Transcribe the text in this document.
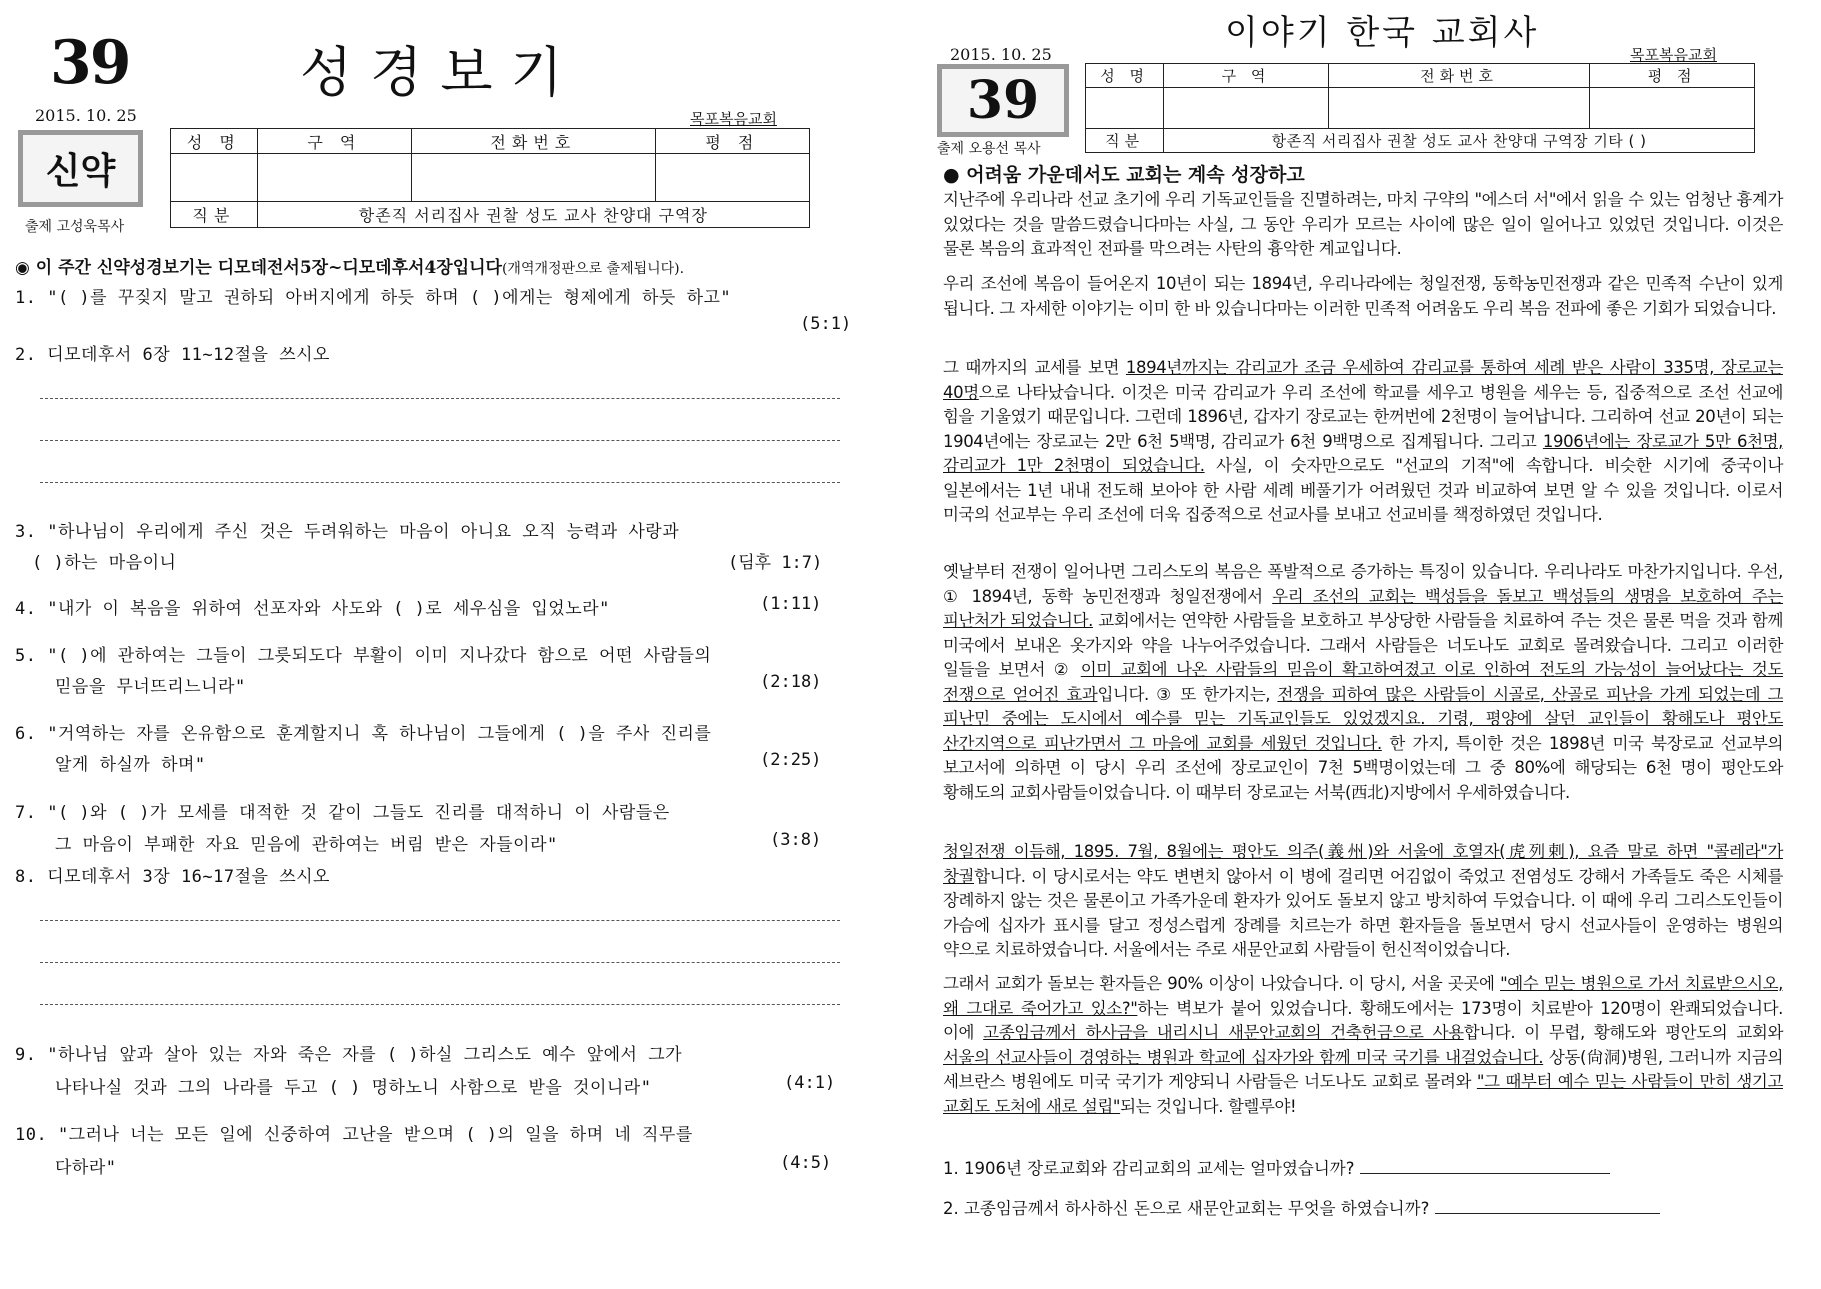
39	성경보기
2015. 10. 25	목포복음교회
신약
출제 고성욱목사
성 명	구 역	전화번호	평 점

직분	항존직 서리집사 권찰 성도 교사 찬양대 구역장		
◉ 이 주간 신약성경보기는 디모데전서5장~디모데후서4장입니다(개역개정판으로 출제됩니다).
1. "( )를 꾸짖지 말고 권하되 아버지에게 하듯 하며 ( )에게는 형제에게 하듯 하고"
(5:1)
2. 디모데후서 6장 11~12절을 쓰시오
3. "하나님이 우리에게 주신 것은 두려워하는 마음이 아니요 오직 능력과 사랑과
( )하는 마음이니	(딤후 1:7)
4. "내가 이 복음을 위하여 선포자와 사도와 ( )로 세우심을 입었노라"	(1:11)
5. "( )에 관하여는 그들이 그릇되도다 부활이 이미 지나갔다 함으로 어떤 사람들의
믿음을 무너뜨리느니라"	(2:18)
6. "거역하는 자를 온유함으로 훈계할지니 혹 하나님이 그들에게 ( )을 주사 진리를
알게 하실까 하며"	(2:25)
7. "( )와 ( )가 모세를 대적한 것 같이 그들도 진리를 대적하니 이 사람들은
그 마음이 부패한 자요 믿음에 관하여는 버림 받은 자들이라"	(3:8)
8. 디모데후서 3장 16~17절을 쓰시오
9. "하나님 앞과 살아 있는 자와 죽은 자를 ( )하실 그리스도 예수 앞에서 그가
나타나실 것과 그의 나라를 두고 ( ) 명하노니 사함으로 받을 것이니라"	(4:1)
10. "그러나 너는 모든 일에 신중하여 고난을 받으며 ( )의 일을 하며 네 직무를
다하라"	(4:5)
이야기 한국 교회사
2015. 10. 25	목포복음교회
39
출제 오용선 목사
성 명	구 역	전화번호	평 점

직분	항존직 서리집사 권찰 성도 교사 찬양대 구역장 기타 ( )		
● 어려움 가운데서도 교회는 계속 성장하고
지난주에 우리나라 선교 초기에 우리 기독교인들을 진멸하려는, 마치 구약의 "에스더 서"에서 읽을 수 있는 엄청난 흉계가 있었다는 것을 말씀드렸습니다마는 사실, 그 동안 우리가 모르는 사이에 많은 일이 일어나고 있었던 것입니다. 이것은 물론 복음의 효과적인 전파를 막으려는 사탄의 흉악한 계교입니다.
우리 조선에 복음이 들어온지 10년이 되는 1894년, 우리나라에는 청일전쟁, 동학농민전쟁과 같은 민족적 수난이 있게 됩니다. 그 자세한 이야기는 이미 한 바 있습니다마는 이러한 민족적 어려움도 우리 복음 전파에 좋은 기회가 되었습니다.
그 때까지의 교세를 보면 1894년까지는 감리교가 조금 우세하여 감리교를 통하여 세례 받은 사람이 335명, 장로교는 40명으로 나타났습니다. 이것은 미국 감리교가 우리 조선에 학교를 세우고 병원을 세우는 등, 집중적으로 조선 선교에 힘을 기울였기 때문입니다. 그런데 1896년, 갑자기 장로교는 한꺼번에 2천명이 늘어납니다. 그리하여 선교 20년이 되는 1904년에는 장로교는 2만 6천 5백명, 감리교가 6천 9백명으로 집계됩니다. 그리고 1906년에는 장로교가 5만 6천명, 감리교가 1만 2천명이 되었습니다. 사실, 이 숫자만으로도 "선교의 기적"에 속합니다. 비슷한 시기에 중국이나 일본에서는 1년 내내 전도해 보아야 한 사람 세례 베풀기가 어려웠던 것과 비교하여 보면 알 수 있을 것입니다. 이로서 미국의 선교부는 우리 조선에 더욱 집중적으로 선교사를 보내고 선교비를 책정하였던 것입니다.
옛날부터 전쟁이 일어나면 그리스도의 복음은 폭발적으로 증가하는 특징이 있습니다. 우리나라도 마찬가지입니다. 우선, ① 1894년, 동학 농민전쟁과 청일전쟁에서 우리 조선의 교회는 백성들을 돌보고 백성들의 생명을 보호하여 주는 피난처가 되었습니다. 교회에서는 연약한 사람들을 보호하고 부상당한 사람들을 치료하여 주는 것은 물론 먹을 것과 함께 미국에서 보내온 옷가지와 약을 나누어주었습니다. 그래서 사람들은 너도나도 교회로 몰려왔습니다. 그리고 이러한 일들을 보면서 ② 이미 교회에 나온 사람들의 믿음이 확고하여졌고 이로 인하여 전도의 가능성이 늘어났다는 것도 전쟁으로 얻어진 효과입니다. ③ 또 한가지는, 전쟁을 피하여 많은 사람들이 시골로, 산골로 피난을 가게 되었는데 그 피난민 중에는 도시에서 예수를 믿는 기독교인들도 있었겠지요. 기령, 평양에 살던 교인들이 황해도나 평안도 산간지역으로 피난가면서 그 마을에 교회를 세웠던 것입니다. 한 가지, 특이한 것은 1898년 미국 북장로교 선교부의 보고서에 의하면 이 당시 우리 조선에 장로교인이 7천 5백명이었는데 그 중 80%에 해당되는 6천 명이 평안도와 황해도의 교회사람들이었습니다. 이 때부터 장로교는 서북(西北)지방에서 우세하였습니다.
청일전쟁 이듬해, 1895. 7월, 8월에는 평안도 의주(義州)와 서울에 호열자(虎列剌), 요즘 말로 하면 "콜레라"가 창궐합니다. 이 당시로서는 약도 변변치 않아서 이 병에 걸리면 어김없이 죽었고 전염성도 강해서 가족들도 죽은 시체를 장례하지 않는 것은 물론이고 가족가운데 환자가 있어도 돌보지 않고 방치하여 두었습니다. 이 때에 우리 그리스도인들이 가슴에 십자가 표시를 달고 정성스럽게 장례를 치르는가 하면 환자들을 돌보면서 당시 선교사들이 운영하는 병원의 약으로 치료하였습니다. 서울에서는 주로 새문안교회 사람들이 헌신적이었습니다.
그래서 교회가 돌보는 환자들은 90% 이상이 나았습니다. 이 당시, 서울 곳곳에 "예수 믿는 병원으로 가서 치료받으시오, 왜 그대로 죽어가고 있소?"하는 벽보가 붙어 있었습니다. 황해도에서는 173명이 치료받아 120명이 완쾌되었습니다. 이에 고종임금께서 하사금을 내리시니 새문안교회의 건축헌금으로 사용합니다. 이 무렵, 황해도와 평안도의 교회와 서울의 선교사들이 경영하는 병원과 학교에 십자가와 함께 미국 국기를 내걸었습니다. 상동(尙洞)병원, 그러니까 지금의 세브란스 병원에도 미국 국기가 게양되니 사람들은 너도나도 교회로 몰려와 "그 때부터 예수 믿는 사람들이 만히 생기고 교회도 도처에 새로 설립"되는 것입니다. 할렐루야!
1. 1906년 장로교회와 감리교회의 교세는 얼마였습니까?
2. 고종임금께서 하사하신 돈으로 새문안교회는 무엇을 하였습니까?
